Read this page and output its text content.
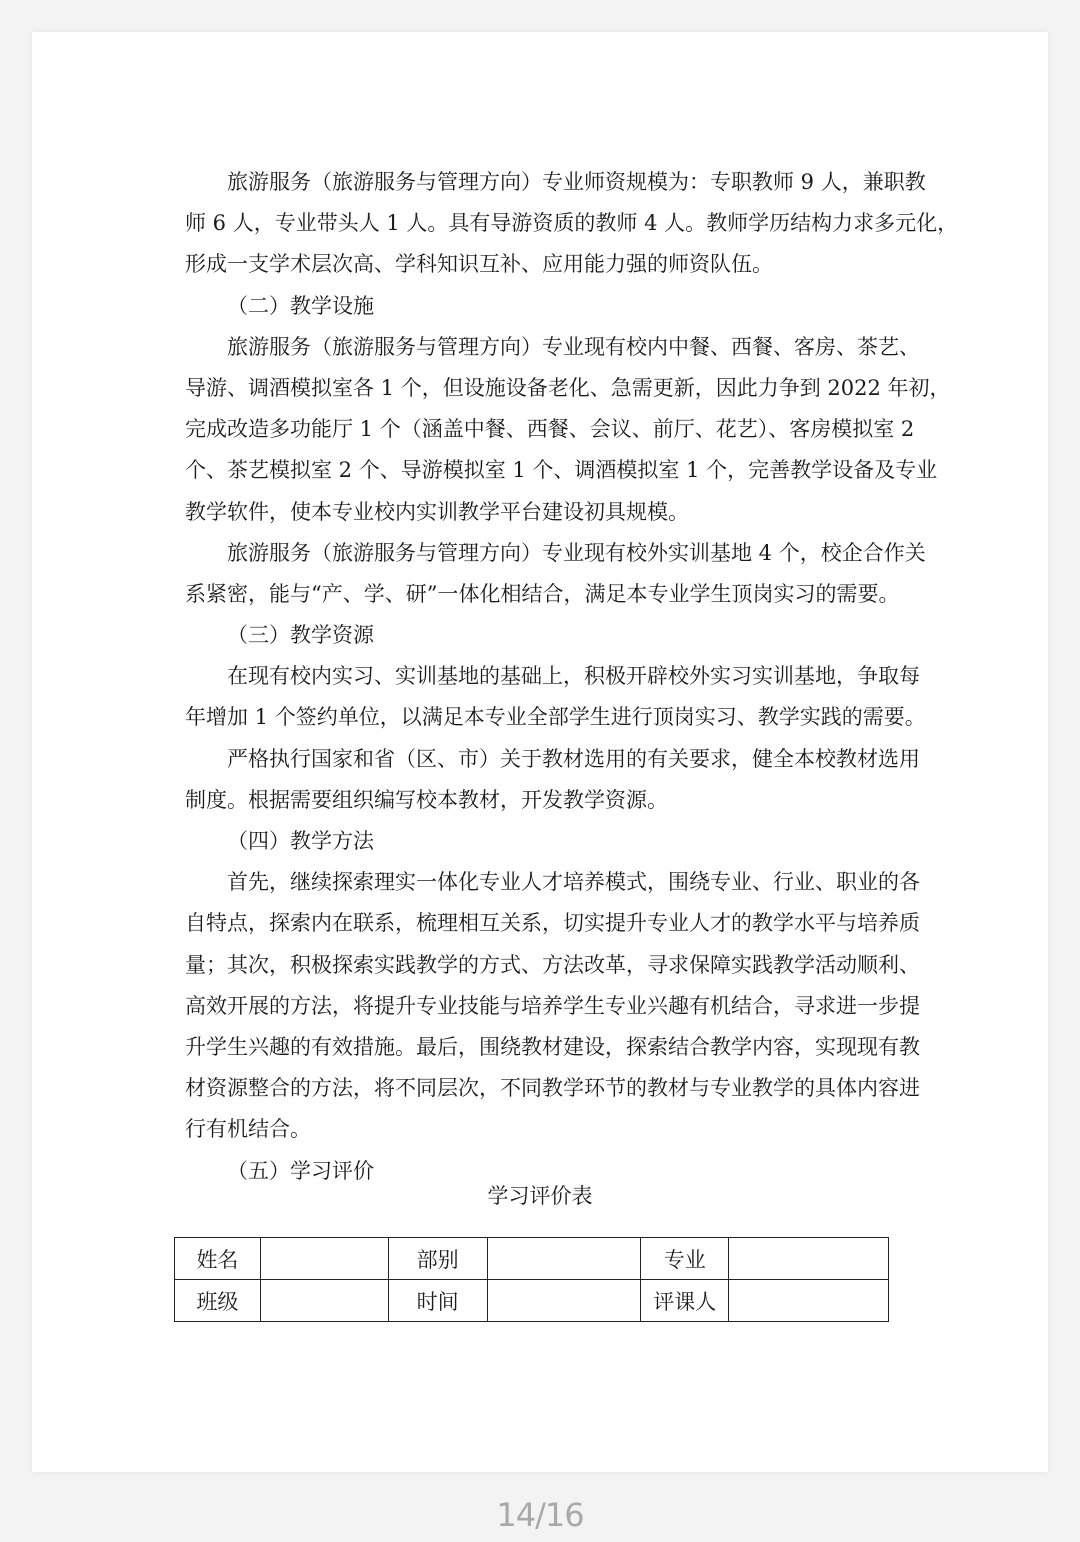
旅游服务（旅游服务与管理方向）专业师资规模为：专职教师 9 人，兼职教
师 6 人，专业带头人 1 人。具有导游资质的教师 4 人。教师学历结构力求多元化，
形成一支学术层次高、学科知识互补、应用能力强的师资队伍。
（二）教学设施
旅游服务（旅游服务与管理方向）专业现有校内中餐、西餐、客房、茶艺、
导游、调酒模拟室各 1 个，但设施设备老化、急需更新，因此力争到 2022 年初，
完成改造多功能厅 1 个（涵盖中餐、西餐、会议、前厅、花艺）、客房模拟室 2
个、茶艺模拟室 2 个、导游模拟室 1 个、调酒模拟室 1 个，完善教学设备及专业
教学软件，使本专业校内实训教学平台建设初具规模。
旅游服务（旅游服务与管理方向）专业现有校外实训基地 4 个，校企合作关
系紧密，能与“产、学、研”一体化相结合，满足本专业学生顶岗实习的需要。
（三）教学资源
在现有校内实习、实训基地的基础上，积极开辟校外实习实训基地，争取每
年增加 1 个签约单位，以满足本专业全部学生进行顶岗实习、教学实践的需要。
严格执行国家和省（区、市）关于教材选用的有关要求，健全本校教材选用
制度。根据需要组织编写校本教材，开发教学资源。
（四）教学方法
首先，继续探索理实一体化专业人才培养模式，围绕专业、行业、职业的各
自特点，探索内在联系，梳理相互关系，切实提升专业人才的教学水平与培养质
量；其次，积极探索实践教学的方式、方法改革，寻求保障实践教学活动顺利、
高效开展的方法，将提升专业技能与培养学生专业兴趣有机结合，寻求进一步提
升学生兴趣的有效措施。最后，围绕教材建设，探索结合教学内容，实现现有教
材资源整合的方法，将不同层次，不同教学环节的教材与专业教学的具体内容进
行有机结合。
（五）学习评价
学习评价表
姓名		部别		专业	
班级		时间		评课人	
14/16
